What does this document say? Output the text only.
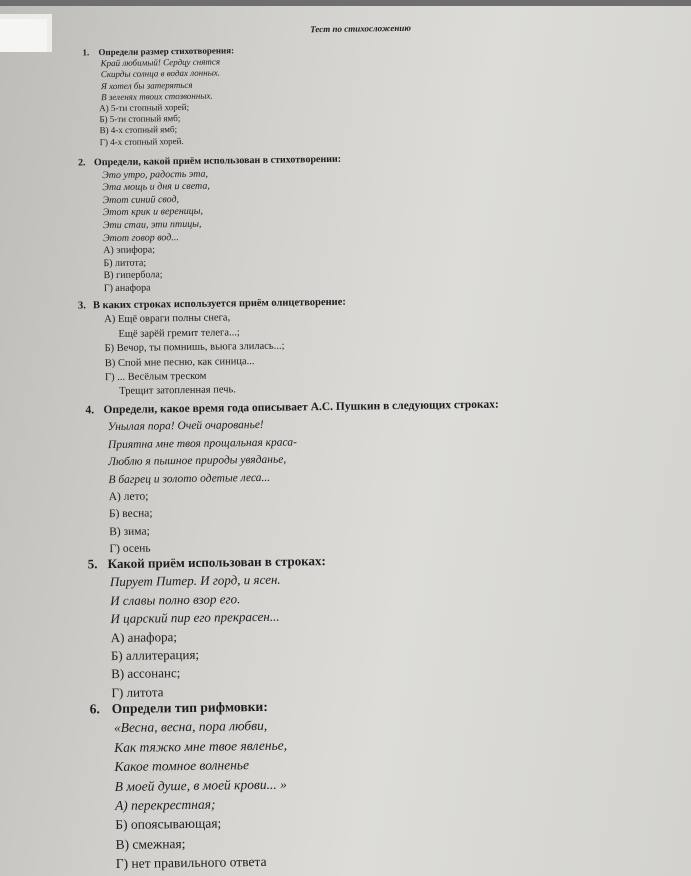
Тест по стихосложению
1. Определи размер стихотворения:
Край любимый! Сердцу снятся
Скирды солнца в водах лонных.
Я хотел бы затеряться
В зеленях твоих стозвонных.
А) 5-ти стопный хорей;
Б) 5-ти стопный ямб;
В) 4-х стопный ямб;
Г) 4-х стопный хорей.
2. Определи, какой приём использован в стихотворении:
Это утро, радость эта,
Эта мощь и дня и света,
Этот синий свод,
Этот крик и вереницы,
Эти стаи, эти птицы,
Этот говор вод...
А) эпифора;
Б) литота;
В) гипербола;
Г) анафора
3. В каких строках используется приём олицетворение:
А) Ещё овраги полны снега,
Ещё зарёй гремит телега...;
Б) Вечор, ты помнишь, вьюга злилась...;
В) Спой мне песню, как синица...
Г) ... Весёлым треском
Трещит затопленная печь.
4. Определи, какое время года описывает А.С. Пушкин в следующих строках:
Унылая пора! Очей очарованье!
Приятна мне твоя прощальная краса-
Люблю я пышное природы увяданье,
В багрец и золото одетые леса...
А) лето;
Б) весна;
В) зима;
Г) осень
5. Какой приём использован в строках:
Пирует Питер. И горд, и ясен.
И славы полно взор его.
И царский пир его прекрасен...
А) анафора;
Б) аллитерация;
В) ассонанс;
Г) литота
6. Определи тип рифмовки:
«Весна, весна, пора любви,
Как тяжко мне твое явленье,
Какое томное волненье
В моей душе, в моей крови... »
А) перекрестная;
Б) опоясывающая;
В) смежная;
Г) нет правильного ответа
